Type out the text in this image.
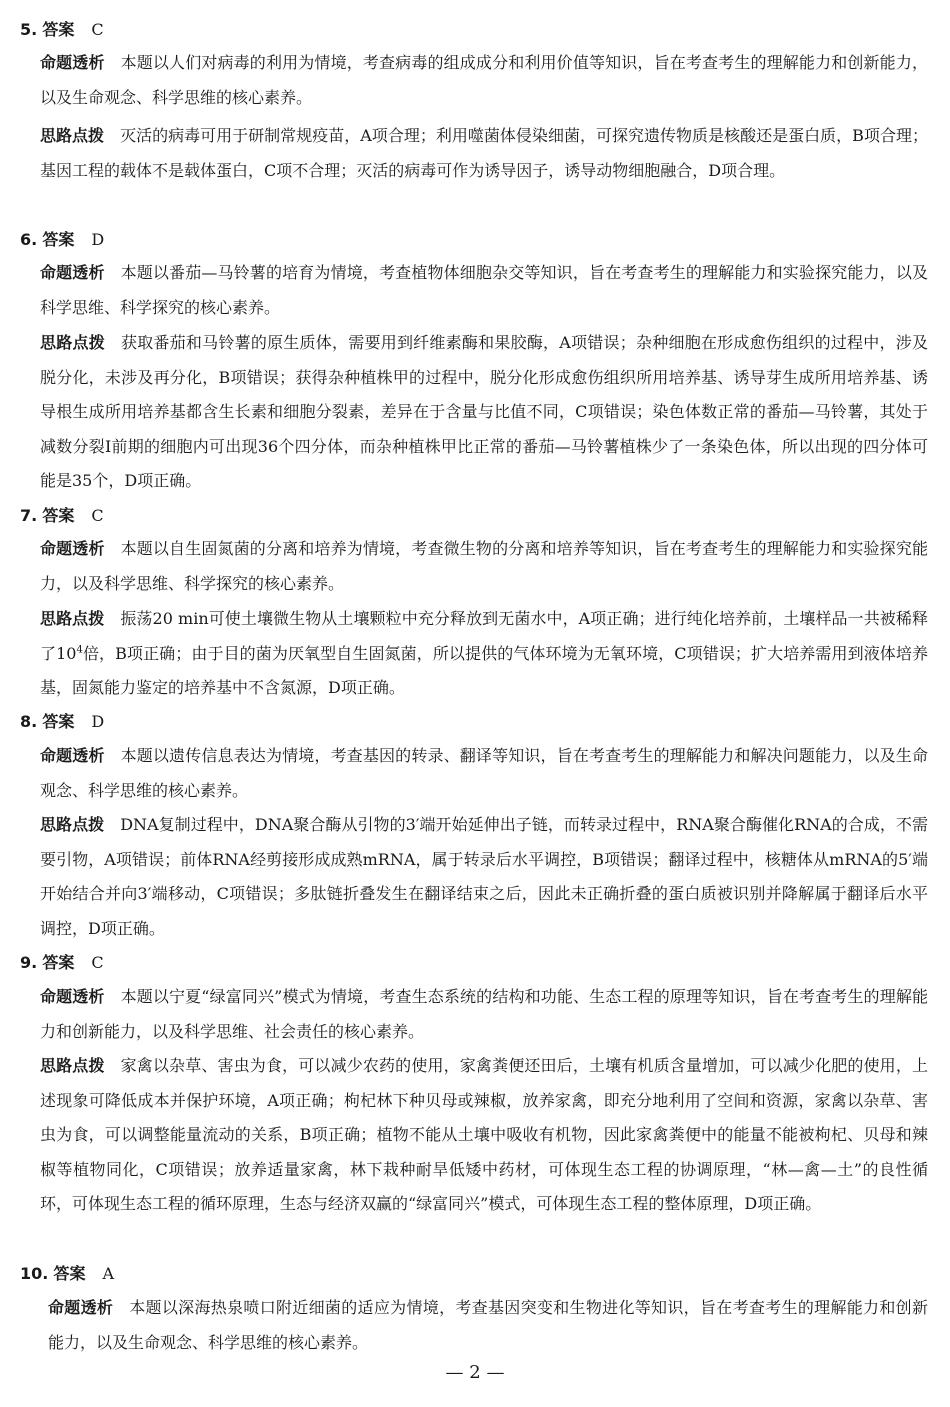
5. 答案 C
命题透析 本题以人们对病毒的利用为情境，考查病毒的组成成分和利用价值等知识，旨在考查考生的理解能力和创新能力，以及生命观念、科学思维的核心素养。
思路点拨 灭活的病毒可用于研制常规疫苗，A项合理；利用噬菌体侵染细菌，可探究遗传物质是核酸还是蛋白质，B项合理；基因工程的载体不是载体蛋白，C项不合理；灭活的病毒可作为诱导因子，诱导动物细胞融合，D项合理。
6. 答案 D
命题透析 本题以番茄—马铃薯的培育为情境，考查植物体细胞杂交等知识，旨在考查考生的理解能力和实验探究能力，以及科学思维、科学探究的核心素养。
思路点拨 获取番茄和马铃薯的原生质体，需要用到纤维素酶和果胶酶，A项错误；杂种细胞在形成愈伤组织的过程中，涉及脱分化，未涉及再分化，B项错误；获得杂种植株甲的过程中，脱分化形成愈伤组织所用培养基、诱导芽生成所用培养基、诱导根生成所用培养基都含生长素和细胞分裂素，差异在于含量与比值不同，C项错误；染色体数正常的番茄—马铃薯，其处于减数分裂Ⅰ前期的细胞内可出现36个四分体，而杂种植株甲比正常的番茄—马铃薯植株少了一条染色体，所以出现的四分体可能是35个，D项正确。
7. 答案 C
命题透析 本题以自生固氮菌的分离和培养为情境，考查微生物的分离和培养等知识，旨在考查考生的理解能力和实验探究能力，以及科学思维、科学探究的核心素养。
思路点拨 振荡20 min可使土壤微生物从土壤颗粒中充分释放到无菌水中，A项正确；进行纯化培养前，土壤样品一共被稀释了$10^4$倍，B项正确；由于目的菌为厌氧型自生固氮菌，所以提供的气体环境为无氧环境，C项错误；扩大培养需用到液体培养基，固氮能力鉴定的培养基中不含氮源，D项正确。
8. 答案 D
命题透析 本题以遗传信息表达为情境，考查基因的转录、翻译等知识，旨在考查考生的理解能力和解决问题能力，以及生命观念、科学思维的核心素养。
思路点拨 DNA复制过程中，DNA聚合酶从引物的3′端开始延伸出子链，而转录过程中，RNA聚合酶催化RNA的合成，不需要引物，A项错误；前体RNA经剪接形成成熟mRNA，属于转录后水平调控，B项错误；翻译过程中，核糖体从mRNA的5′端开始结合并向3′端移动，C项错误；多肽链折叠发生在翻译结束之后，因此未正确折叠的蛋白质被识别并降解属于翻译后水平调控，D项正确。
9. 答案 C
命题透析 本题以宁夏“绿富同兴”模式为情境，考查生态系统的结构和功能、生态工程的原理等知识，旨在考查考生的理解能力和创新能力，以及科学思维、社会责任的核心素养。
思路点拨 家禽以杂草、害虫为食，可以减少农药的使用，家禽粪便还田后，土壤有机质含量增加，可以减少化肥的使用，上述现象可降低成本并保护环境，A项正确；枸杞林下种贝母或辣椒，放养家禽，即充分地利用了空间和资源，家禽以杂草、害虫为食，可以调整能量流动的关系，B项正确；植物不能从土壤中吸收有机物，因此家禽粪便中的能量不能被枸杞、贝母和辣椒等植物同化，C项错误；放养适量家禽，林下栽种耐旱低矮中药材，可体现生态工程的协调原理，“林—禽—土”的良性循环，可体现生态工程的循环原理，生态与经济双赢的“绿富同兴”模式，可体现生态工程的整体原理，D项正确。
10. 答案 A
命题透析 本题以深海热泉喷口附近细菌的适应为情境，考查基因突变和生物进化等知识，旨在考查考生的理解能力和创新能力，以及生命观念、科学思维的核心素养。
— 2 —
